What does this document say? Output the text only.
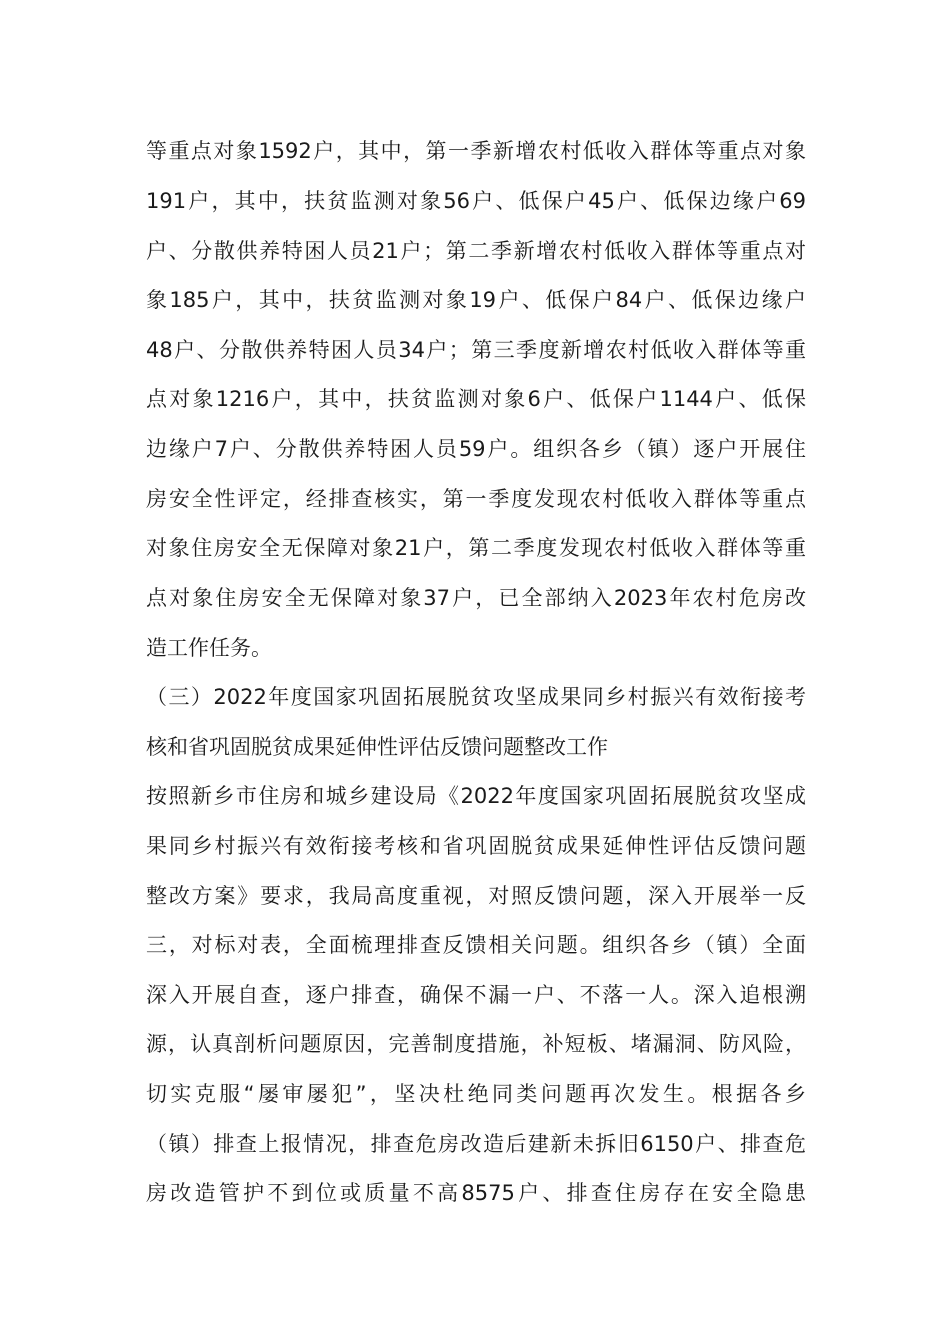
等重点对象1592户，其中，第一季新增农村低收入群体等重点对象
191户，其中，扶贫监测对象56户、低保户45户、低保边缘户69
户、分散供养特困人员21户；第二季新增农村低收入群体等重点对
象185户，其中，扶贫监测对象19户、低保户84户、低保边缘户
48户、分散供养特困人员34户；第三季度新增农村低收入群体等重
点对象1216户，其中，扶贫监测对象6户、低保户1144户、低保
边缘户7户、分散供养特困人员59户。组织各乡（镇）逐户开展住
房安全性评定，经排查核实，第一季度发现农村低收入群体等重点
对象住房安全无保障对象21户，第二季度发现农村低收入群体等重
点对象住房安全无保障对象37户，已全部纳入2023年农村危房改
造工作任务。
（三）2022年度国家巩固拓展脱贫攻坚成果同乡村振兴有效衔接考
核和省巩固脱贫成果延伸性评估反馈问题整改工作
按照新乡市住房和城乡建设局《2022年度国家巩固拓展脱贫攻坚成
果同乡村振兴有效衔接考核和省巩固脱贫成果延伸性评估反馈问题
整改方案》要求，我局高度重视，对照反馈问题，深入开展举一反
三，对标对表，全面梳理排查反馈相关问题。组织各乡（镇）全面
深入开展自查，逐户排查，确保不漏一户、不落一人。深入追根溯
源，认真剖析问题原因，完善制度措施，补短板、堵漏洞、防风险，
切实克服“屡审屡犯”，坚决杜绝同类问题再次发生。根据各乡
（镇）排查上报情况，排查危房改造后建新未拆旧6150户、排查危
房改造管护不到位或质量不高8575户、排查住房存在安全隐患
